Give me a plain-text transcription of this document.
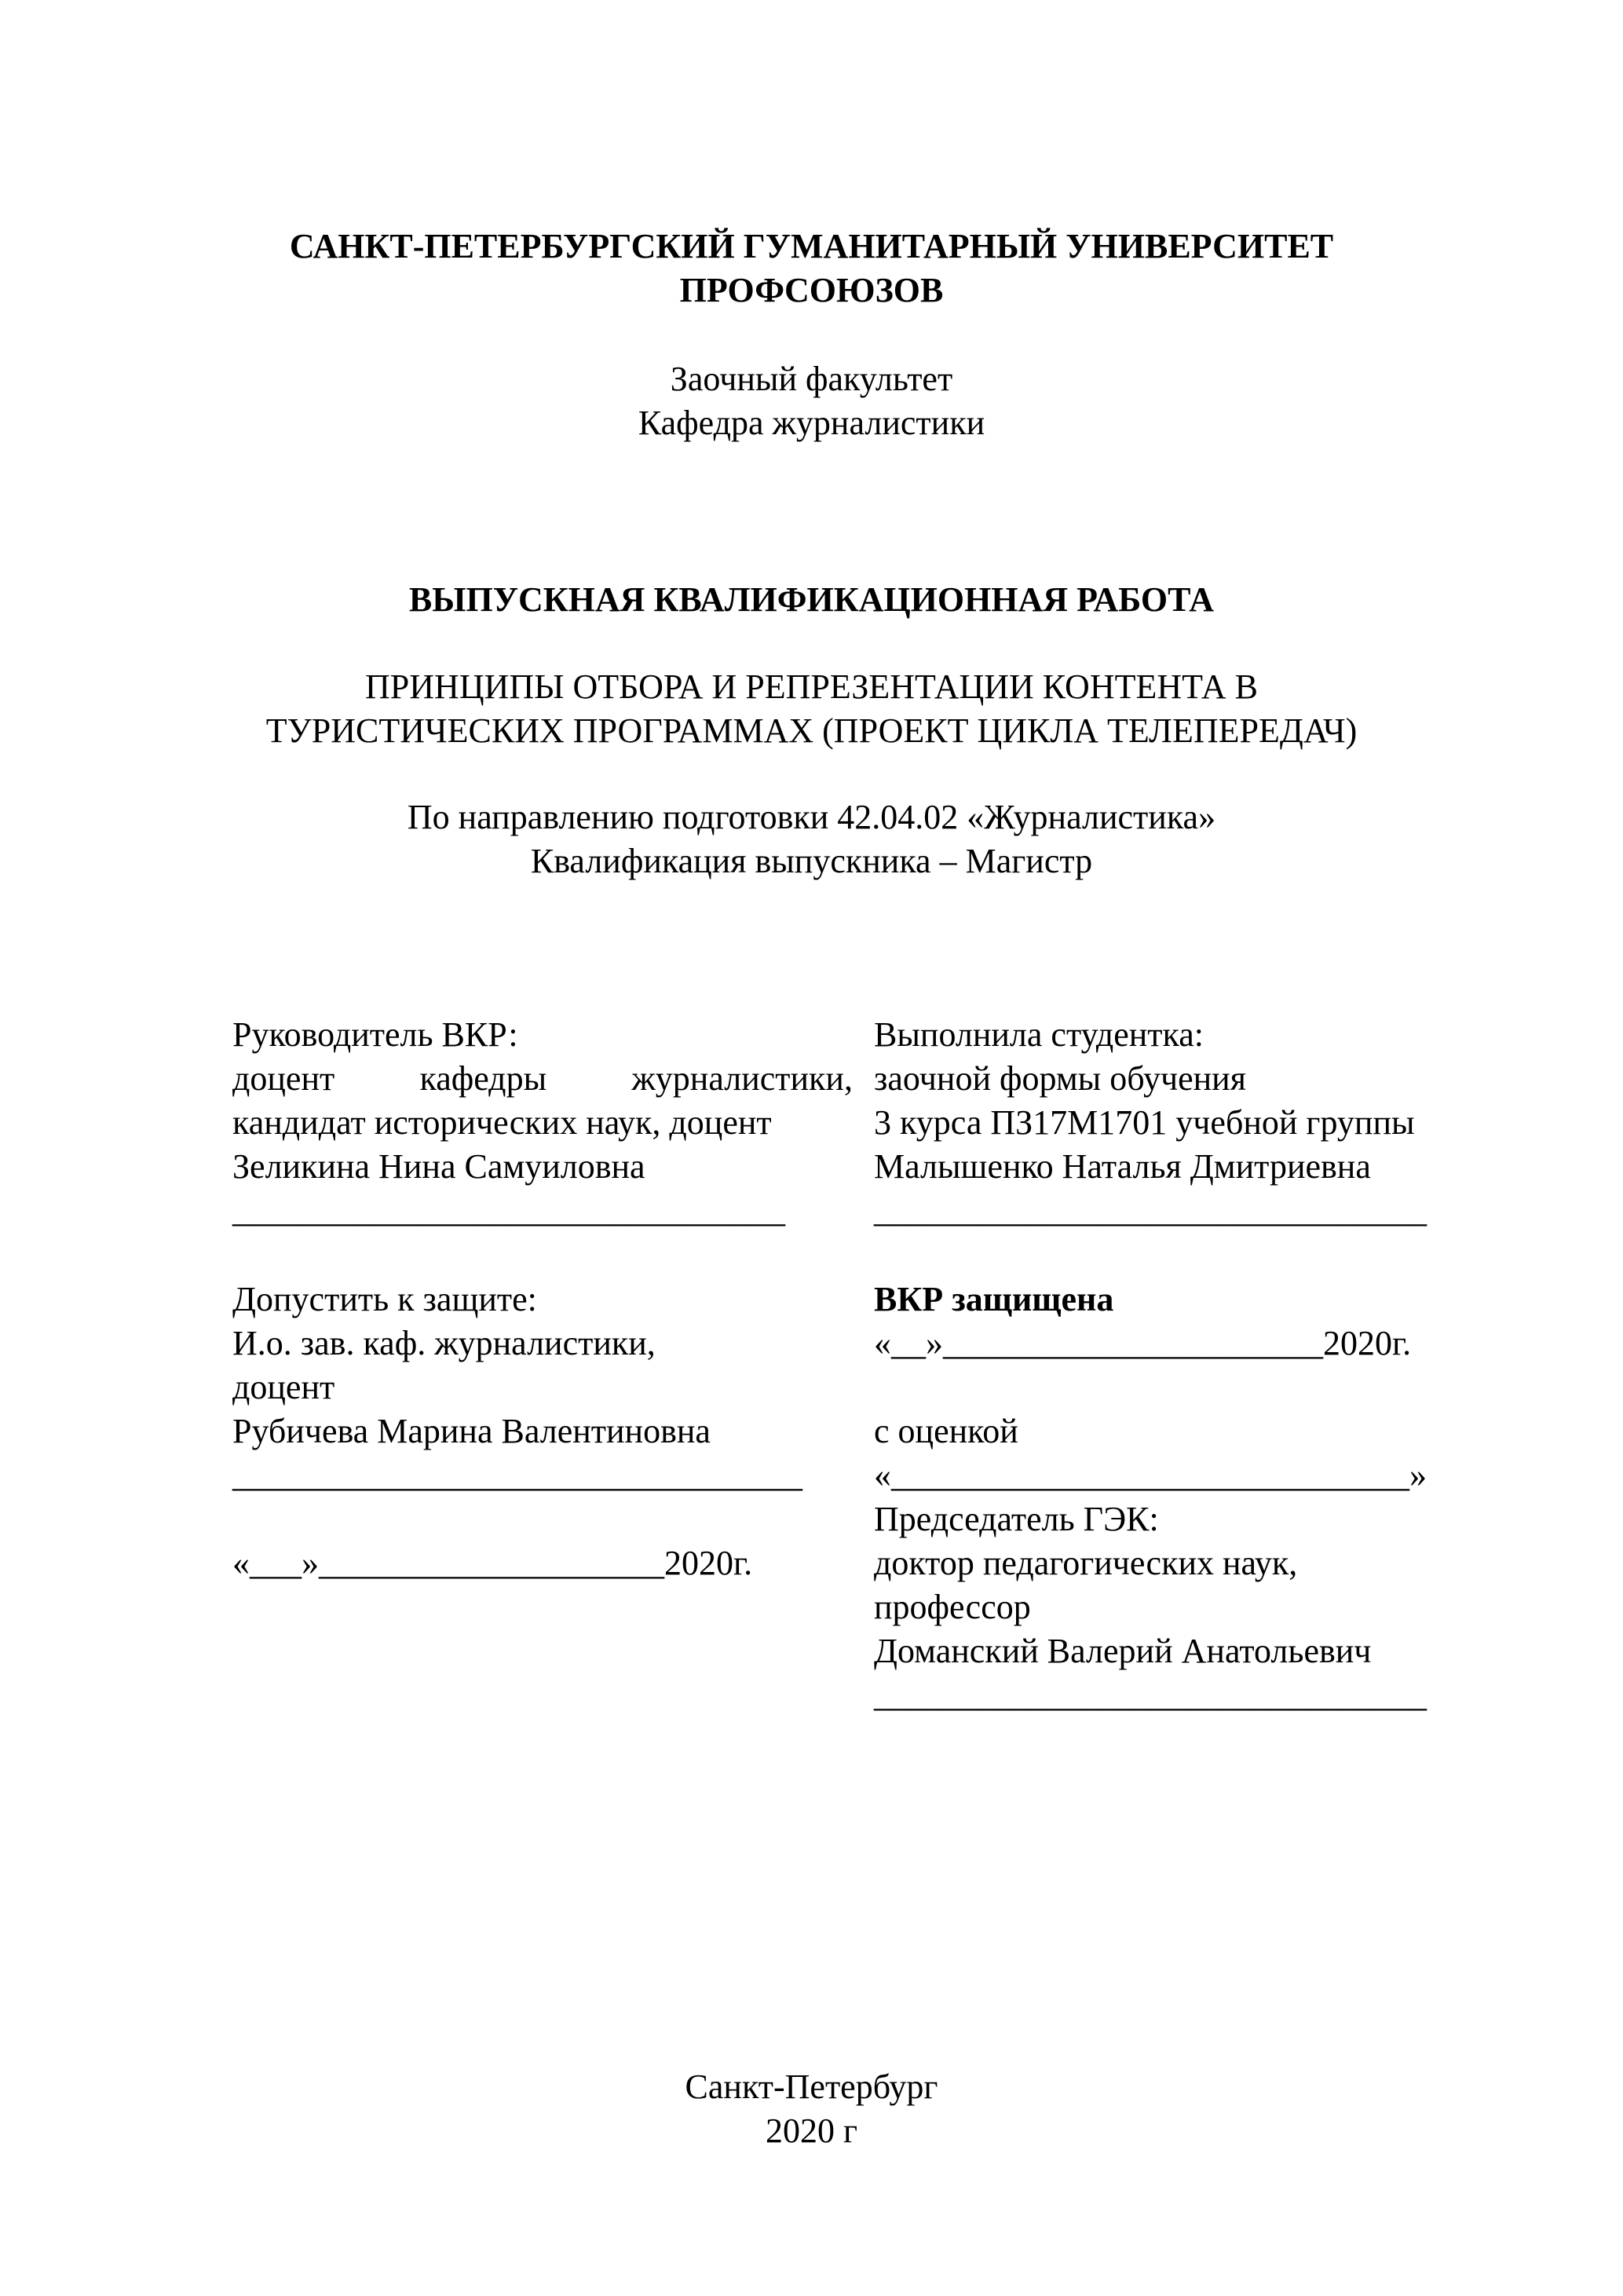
САНКТ-ПЕТЕРБУРГСКИЙ ГУМАНИТАРНЫЙ УНИВЕРСИТЕТ
ПРОФСОЮЗОВ
Заочный факультет
Кафедра журналистики
ВЫПУСКНАЯ КВАЛИФИКАЦИОННАЯ РАБОТА
ПРИНЦИПЫ ОТБОРА И РЕПРЕЗЕНТАЦИИ КОНТЕНТА В
ТУРИСТИЧЕСКИХ ПРОГРАММАХ (ПРОЕКТ ЦИКЛА ТЕЛЕПЕРЕДАЧ)
По направлению подготовки 42.04.02 «Журналистика»
Квалификация выпускника – Магистр
Руководитель ВКР:
доцент кафедры журналистики,
кандидат исторических наук, доцент
Зеликина Нина Самуиловна
________________________________
Выполнила студентка:
заочной формы обучения
3 курса ПЗ17М1701 учебной группы
Малышенко Наталья Дмитриевна
________________________________
Допустить к защите:
И.о. зав. каф. журналистики,
доцент
Рубичева Марина Валентиновна
_________________________________
«___»____________________2020г.
ВКР защищена
«__»______________________2020г.
с оценкой
«______________________________»
Председатель ГЭК:
доктор педагогических наук,
профессор
Доманский Валерий Анатольевич
________________________________
Санкт-Петербург
2020 г
